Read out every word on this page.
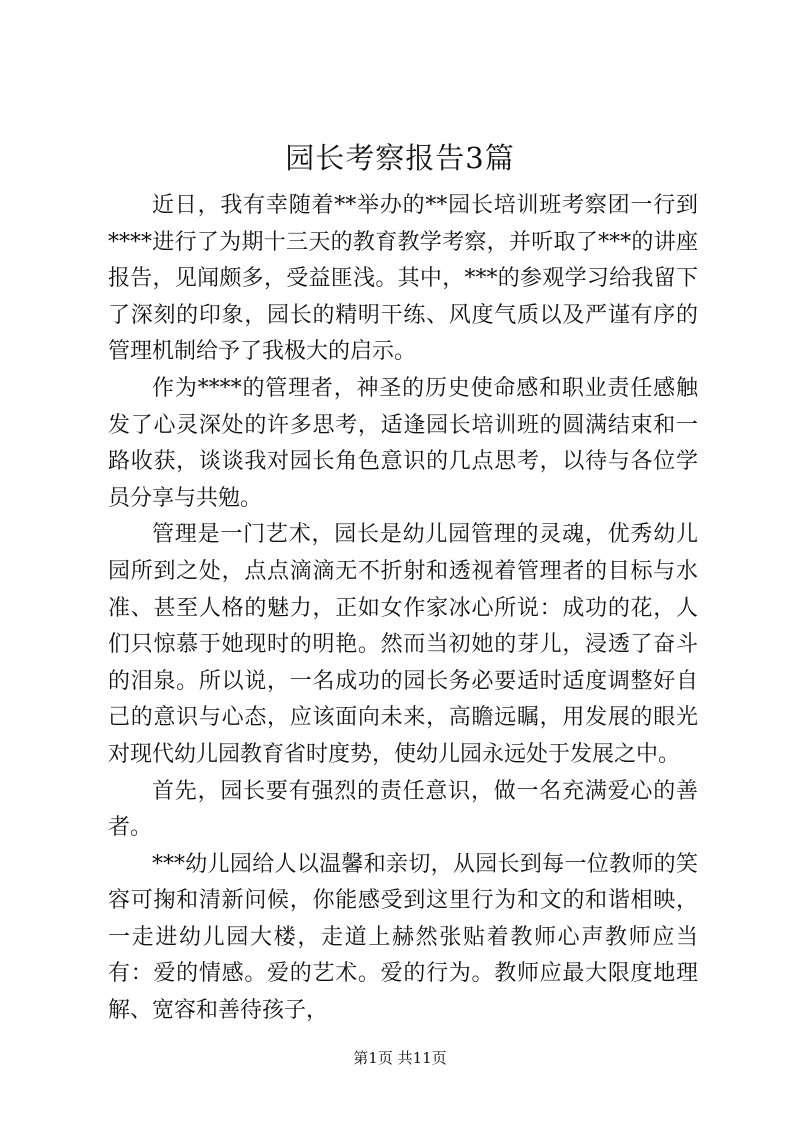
园长考察报告3篇

近日，我有幸随着**举办的**园长培训班考察团一行到****进行了为期十三天的教育教学考察，并听取了***的讲座报告，见闻颇多，受益匪浅。其中，***的参观学习给我留下了深刻的印象，园长的精明干练、风度气质以及严谨有序的管理机制给予了我极大的启示。

作为****的管理者，神圣的历史使命感和职业责任感触发了心灵深处的许多思考，适逢园长培训班的圆满结束和一路收获，谈谈我对园长角色意识的几点思考，以待与各位学员分享与共勉。

管理是一门艺术，园长是幼儿园管理的灵魂，优秀幼儿园所到之处，点点滴滴无不折射和透视着管理者的目标与水准、甚至人格的魅力，正如女作家冰心所说：成功的花，人们只惊慕于她现时的明艳。然而当初她的芽儿，浸透了奋斗的泪泉。所以说，一名成功的园长务必要适时适度调整好自己的意识与心态，应该面向未来，高瞻远瞩，用发展的眼光对现代幼儿园教育省时度势，使幼儿园永远处于发展之中。

首先，园长要有强烈的责任意识，做一名充满爱心的善者。

***幼儿园给人以温馨和亲切，从园长到每一位教师的笑容可掬和清新问候，你能感受到这里行为和文的和谐相映，一走进幼儿园大楼，走道上赫然张贴着教师心声教师应当有：爱的情感。爱的艺术。爱的行为。教师应最大限度地理解、宽容和善待孩子，

第1页 共11页
